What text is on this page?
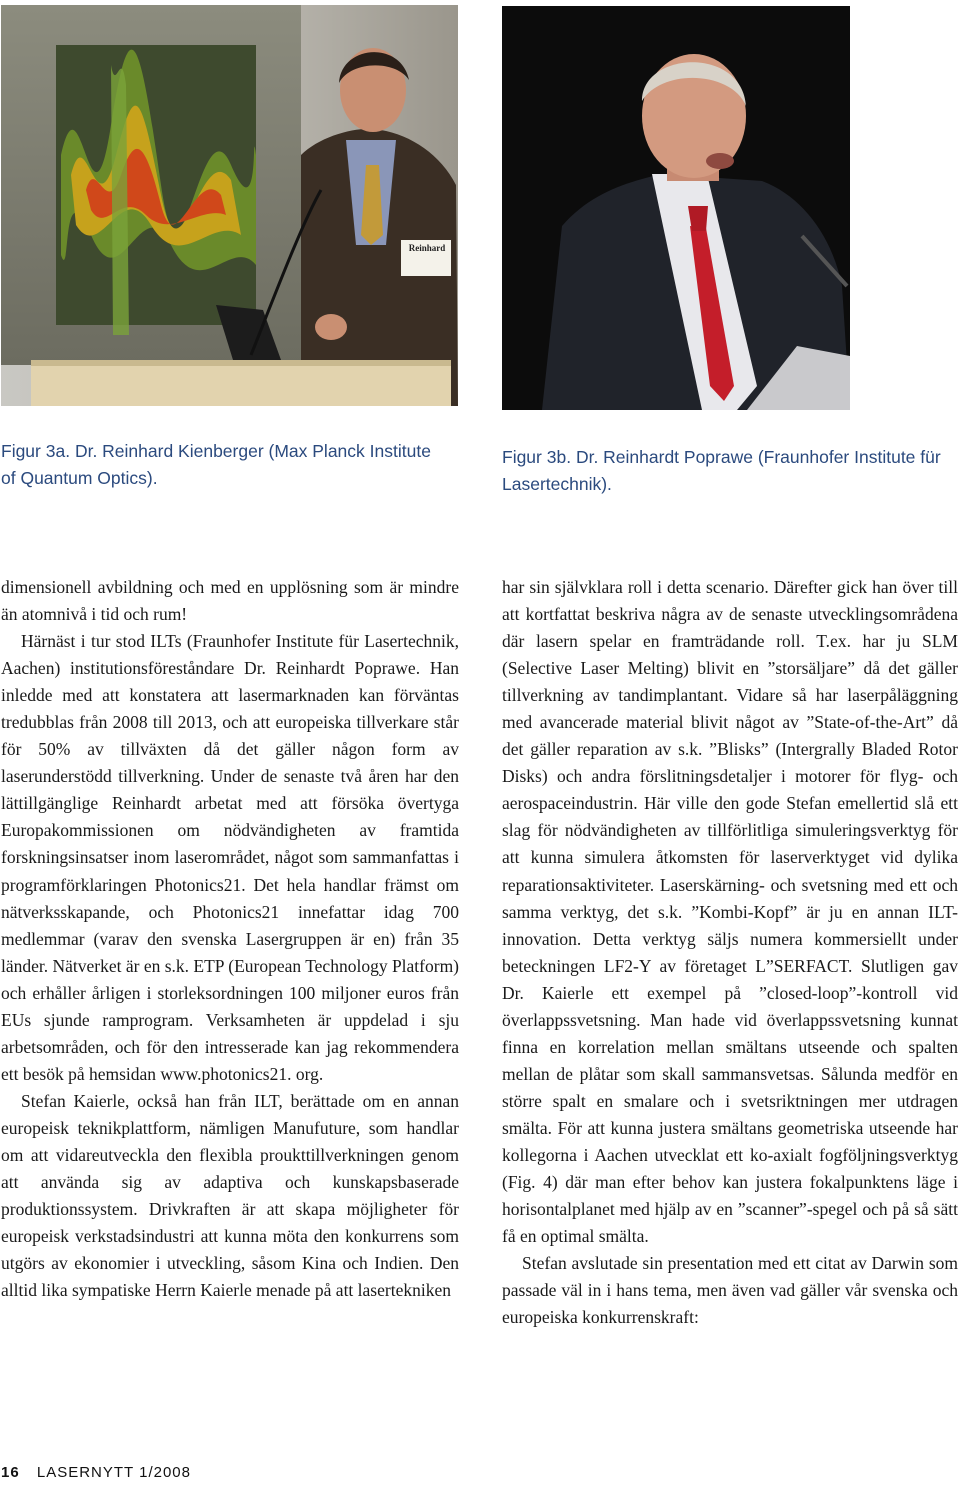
Reinhard
Figur 3a. Dr. Reinhard Kienberger (Max Planck Institute of Quantum Optics).
Figur 3b. Dr. Reinhardt Poprawe (Fraunhofer Institute für Lasertechnik).

dimensionell avbildning och med en upplösning som är mindre än atomnivå i tid och rum!

Härnäst i tur stod ILTs (Fraunhofer Institute für Lasertechnik, Aachen) institutionsföreståndare Dr. Reinhardt Poprawe. Han inledde med att konstatera att lasermarknaden kan förväntas tredubblas från 2008 till 2013, och att europeiska tillverkare står för 50% av tillväxten då det gäller någon form av laserunderstödd tillverkning. Under de senaste två åren har den lättillgänglige Reinhardt arbetat med att försöka övertyga Europakommissionen om nödvändigheten av framtida forskningsinsatser inom laserområdet, något som sammanfattas i programförklaringen Photonics21. Det hela handlar främst om nätverksskapande, och Photonics21 innefattar idag 700 medlemmar (varav den svenska Lasergruppen är en) från 35 länder. Nätverket är en s.k. ETP (European Technology Platform) och erhåller årligen i storleksordningen 100 miljoner euros från EUs sjunde ramprogram. Verksamheten är uppdelad i sju arbetsområden, och för den intresserade kan jag rekommendera ett besök på hemsidan www.photonics21. org.

Stefan Kaierle, också han från ILT, berättade om en annan europeisk teknikplattform, nämligen Manufuture, som handlar om att vidareutveckla den flexibla proukttillverkningen genom att använda sig av adaptiva och kunskapsbaserade produktionssystem. Drivkraften är att skapa möjligheter för europeisk verkstadsindustri att kunna möta den konkurrens som utgörs av ekonomier i utveckling, såsom Kina och Indien. Den alltid lika sympatiske Herrn Kaierle menade på att lasertekniken

har sin självklara roll i detta scenario. Därefter gick han över till att kortfattat beskriva några av de senaste utvecklingsområdena där lasern spelar en framträdande roll. T.ex. har ju SLM (Selective Laser Melting) blivit en ”storsäljare” då det gäller tillverkning av tandimplantant. Vidare så har laserpåläggning med avancerade material blivit något av ”State-of-the-Art” då det gäller reparation av s.k. ”Blisks” (Intergrally Bladed Rotor Disks) och andra förslitningsdetaljer i motorer för flyg- och aerospaceindustrin. Här ville den gode Stefan emellertid slå ett slag för nödvändigheten av tillförlitliga simuleringsverktyg för att kunna simulera åtkomsten för laserverktyget vid dylika reparationsaktiviteter. Laserskärning- och svetsning med ett och samma verktyg, det s.k. ”Kombi-Kopf” är ju en annan ILT-innovation. Detta verktyg säljs numera kommersiellt under beteckningen LF2-Y av företaget L”SERFACT. Slutligen gav Dr. Kaierle ett exempel på ”closed-loop”-kontroll vid överlappssvetsning. Man hade vid överlappssvetsning kunnat finna en korrelation mellan smältans utseende och spalten mellan de plåtar som skall sammansvetsas. Sålunda medför en större spalt en smalare och i svetsriktningen mer utdragen smälta. För att kunna justera smältans geometriska utseende har kollegorna i Aachen utvecklat ett ko-axialt fogföljningsverktyg (Fig. 4) där man efter behov kan justera fokalpunktens läge i horisontalplanet med hjälp av en ”scanner”-spegel och på så sätt få en optimal smälta.

Stefan avslutade sin presentation med ett citat av Darwin som passade väl in i hans tema, men även vad gäller vår svenska och europeiska konkurrenskraft:

16 LASERNYTT 1/2008
